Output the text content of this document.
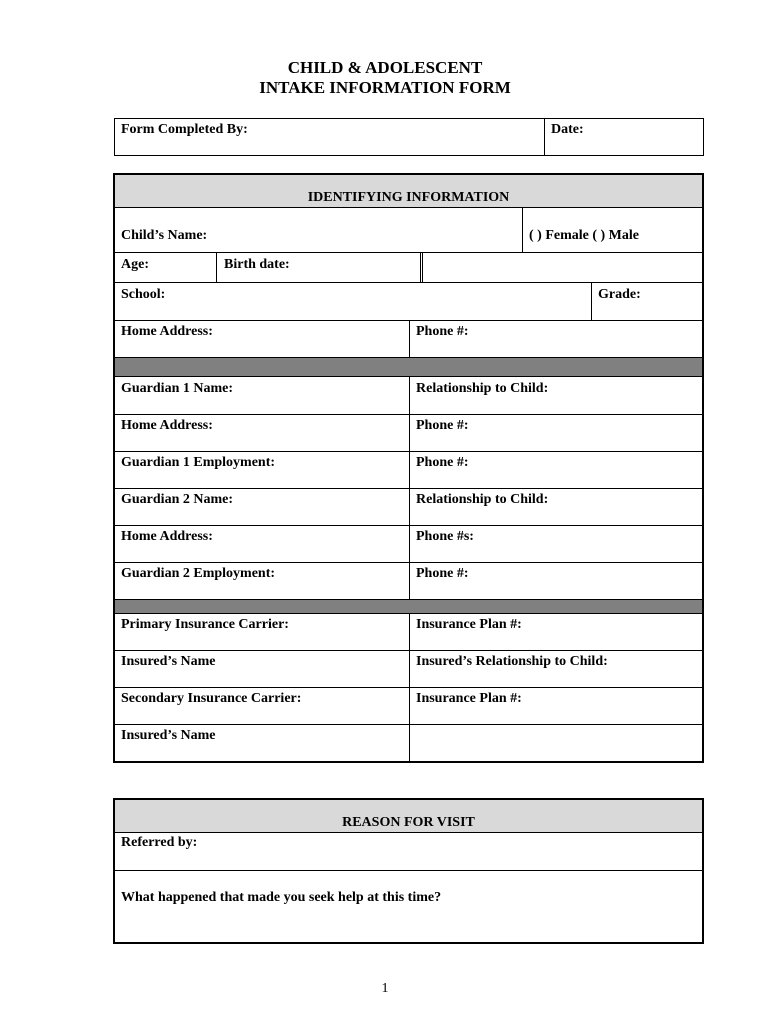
CHILD & ADOLESCENT
INTAKE INFORMATION FORM
Form Completed By:	Date:
IDENTIFYING INFORMATION
Child’s Name:	( ) Female ( ) Male
Age:	Birth date:
School:	Grade:
Home Address:	Phone #:
Guardian 1 Name:	Relationship to Child:
Home Address:	Phone #:
Guardian 1 Employment:	Phone #:
Guardian 2 Name:	Relationship to Child:
Home Address:	Phone #s:
Guardian 2 Employment:	Phone #:
Primary Insurance Carrier:	Insurance Plan #:
Insured’s Name	Insured’s Relationship to Child:
Secondary Insurance Carrier:	Insurance Plan #:
Insured’s Name
REASON FOR VISIT
Referred by:
What happened that made you seek help at this time?
1
